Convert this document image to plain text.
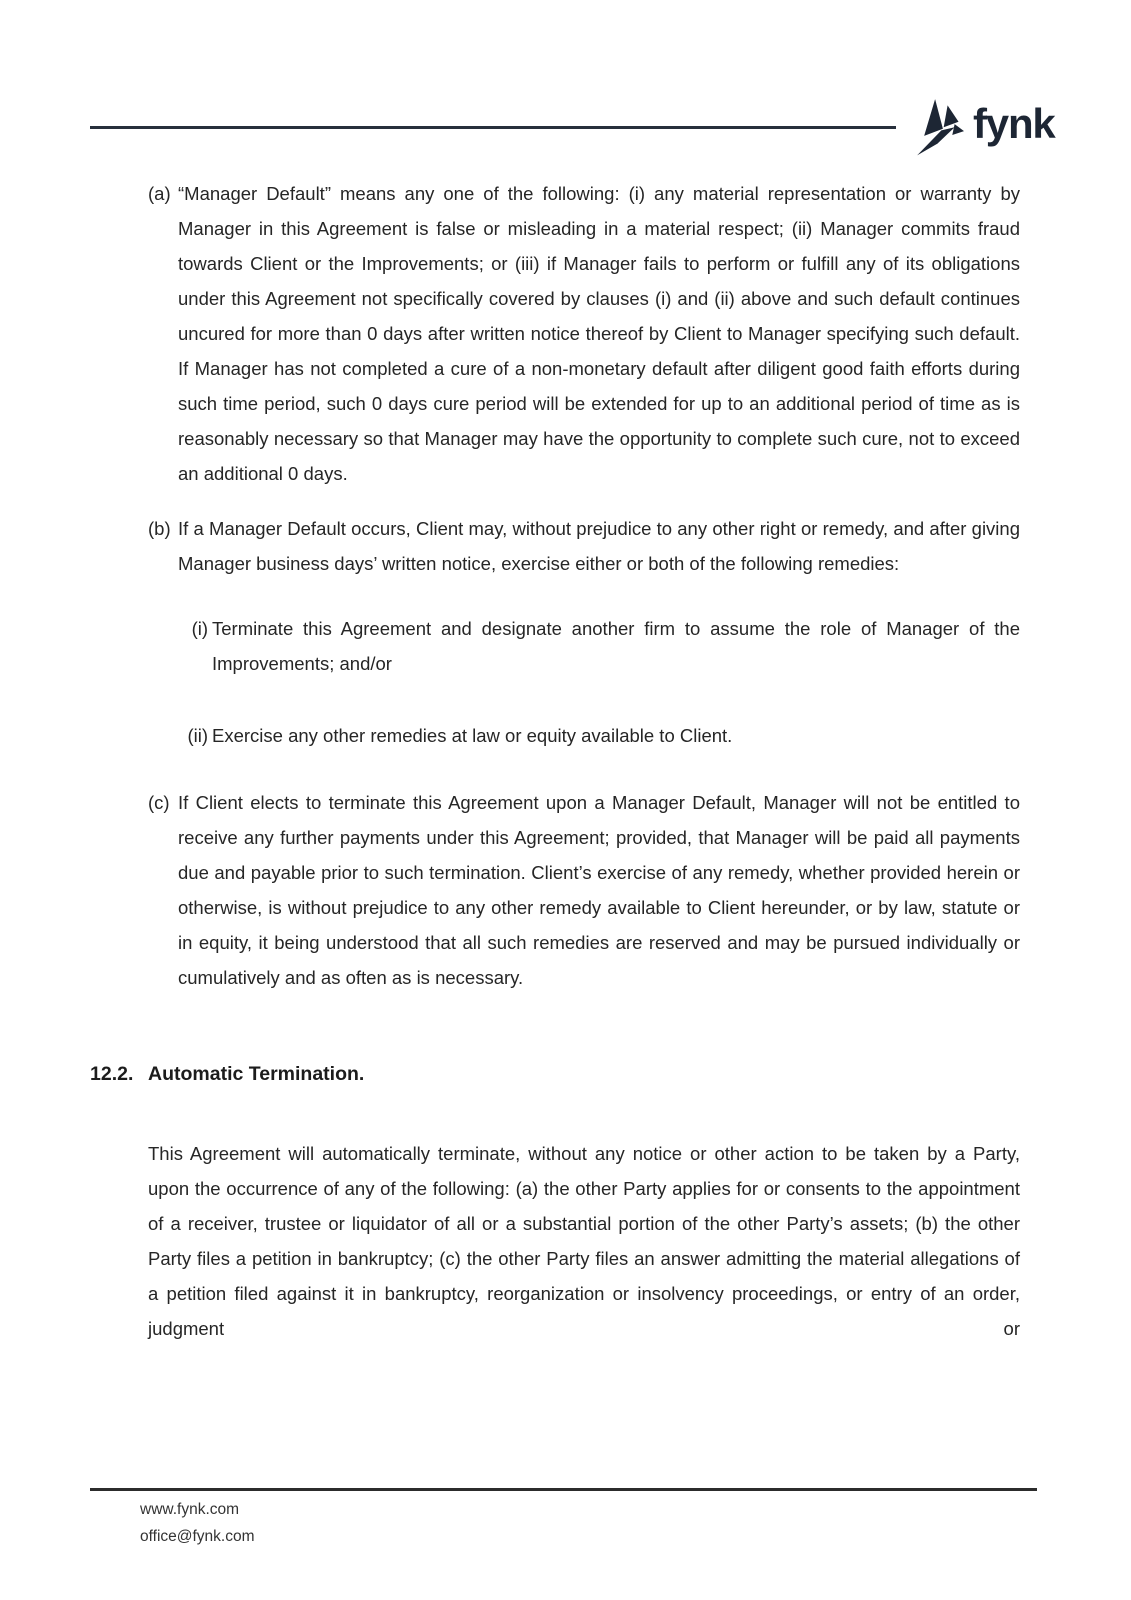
fynk
(a) “Manager Default” means any one of the following: (i) any material representation or warranty by Manager in this Agreement is false or misleading in a material respect; (ii) Manager commits fraud towards Client or the Improvements; or (iii) if Manager fails to perform or fulfill any of its obligations under this Agreement not specifically covered by clauses (i) and (ii) above and such default continues uncured for more than 0 days after written notice thereof by Client to Manager specifying such default. If Manager has not completed a cure of a non-monetary default after diligent good faith efforts during such time period, such 0 days cure period will be extended for up to an additional period of time as is reasonably necessary so that Manager may have the opportunity to complete such cure, not to exceed an additional 0 days.

(b) If a Manager Default occurs, Client may, without prejudice to any other right or remedy, and after giving Manager business days’ written notice, exercise either or both of the following remedies:

(i) Terminate this Agreement and designate another firm to assume the role of Manager of the Improvements; and/or

(ii) Exercise any other remedies at law or equity available to Client.

(c) If Client elects to terminate this Agreement upon a Manager Default, Manager will not be entitled to receive any further payments under this Agreement; provided, that Manager will be paid all payments due and payable prior to such termination. Client’s exercise of any remedy, whether provided herein or otherwise, is without prejudice to any other remedy available to Client hereunder, or by law, statute or in equity, it being understood that all such remedies are reserved and may be pursued individually or cumulatively and as often as is necessary.

12.2. Automatic Termination.

This Agreement will automatically terminate, without any notice or other action to be taken by a Party, upon the occurrence of any of the following: (a) the other Party applies for or consents to the appointment of a receiver, trustee or liquidator of all or a substantial portion of the other Party’s assets; (b) the other Party files a petition in bankruptcy; (c) the other Party files an answer admitting the material allegations of a petition filed against it in bankruptcy, reorganization or insolvency proceedings, or entry of an order, judgment or

www.fynk.com
office@fynk.com
